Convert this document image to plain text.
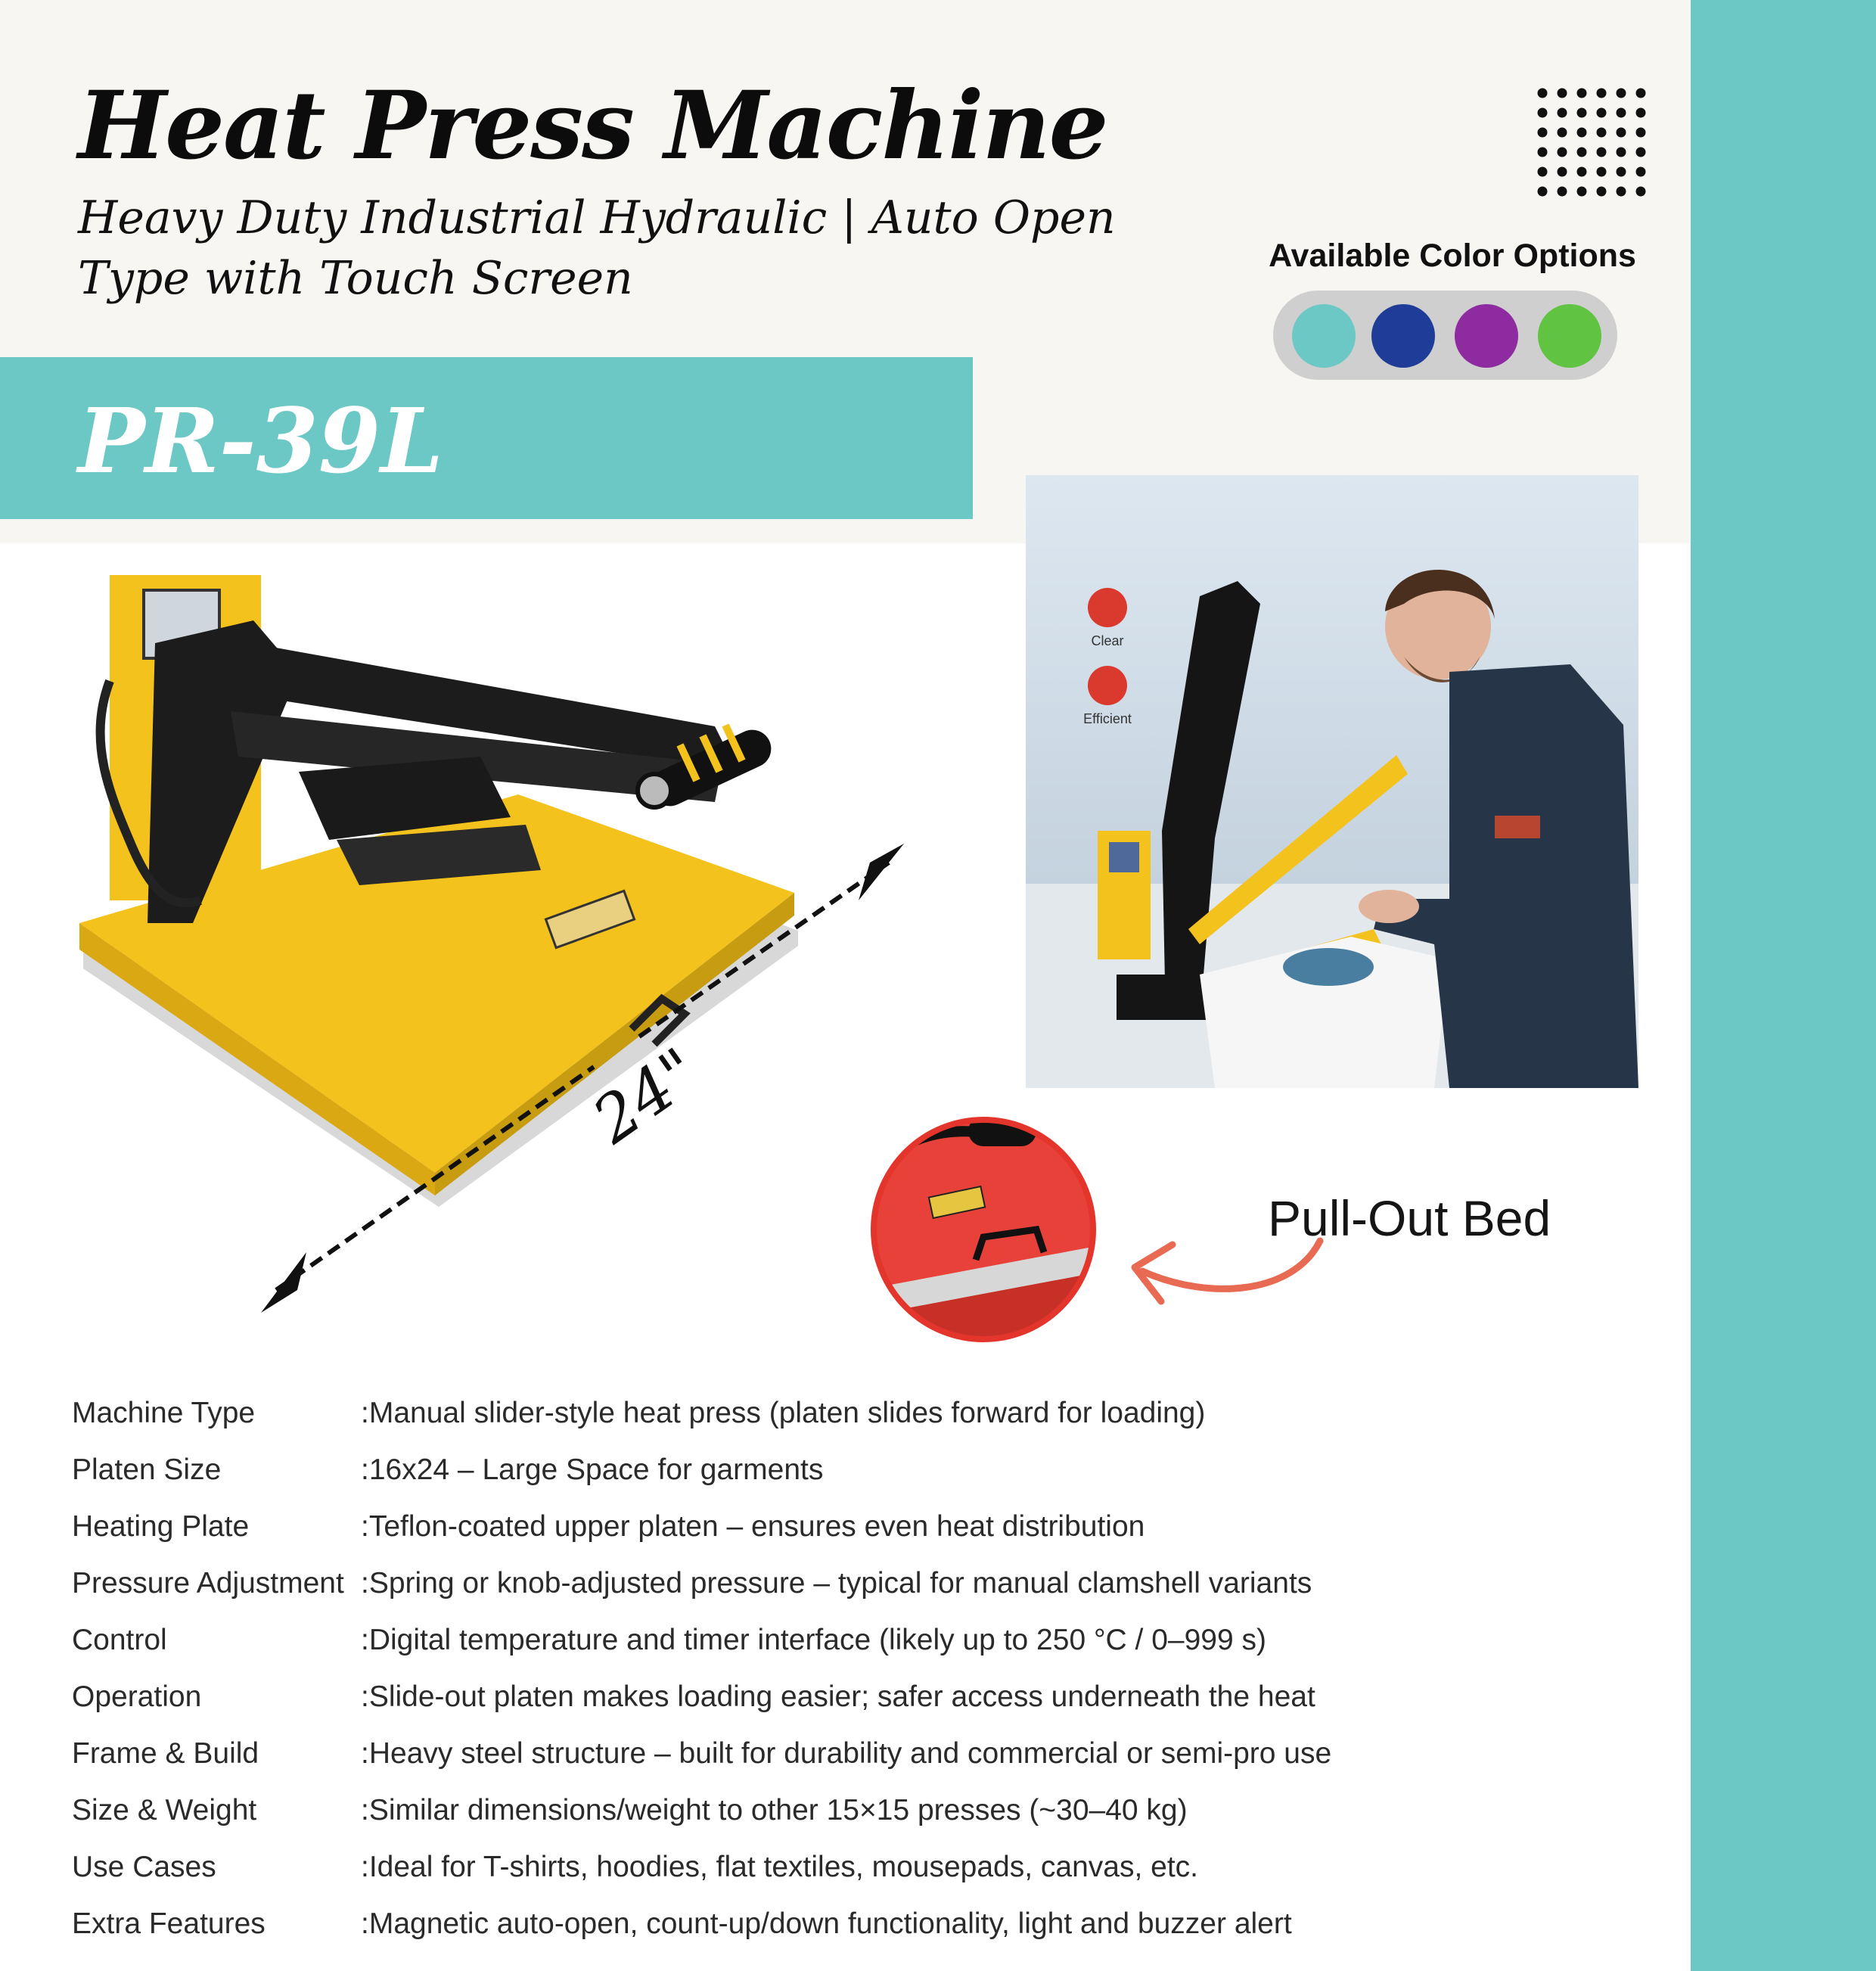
Heat Press Machine

Heavy Duty Industrial Hydraulic | Auto Open Type with Touch Screen

PR-39L
Available Color Options
24"
Clear
Efficient
Pull-Out Bed
Machine Type	:Manual slider-style heat press (platen slides forward for loading)
Platen Size	:16x24 – Large Space for garments
Heating Plate	:Teflon-coated upper platen – ensures even heat distribution
Pressure Adjustment :Spring or knob-adjusted pressure – typical for manual clamshell variants
Control	:Digital temperature and timer interface (likely up to 250 °C / 0–999 s)
Operation	:Slide-out platen makes loading easier; safer access underneath the heat
Frame & Build	:Heavy steel structure – built for durability and commercial or semi-pro use
Size & Weight	:Similar dimensions/weight to other 15×15 presses (~30–40 kg)
Use Cases	:Ideal for T-shirts, hoodies, flat textiles, mousepads, canvas, etc.
Extra Features	:Magnetic auto-open, count-up/down functionality, light and buzzer alert
